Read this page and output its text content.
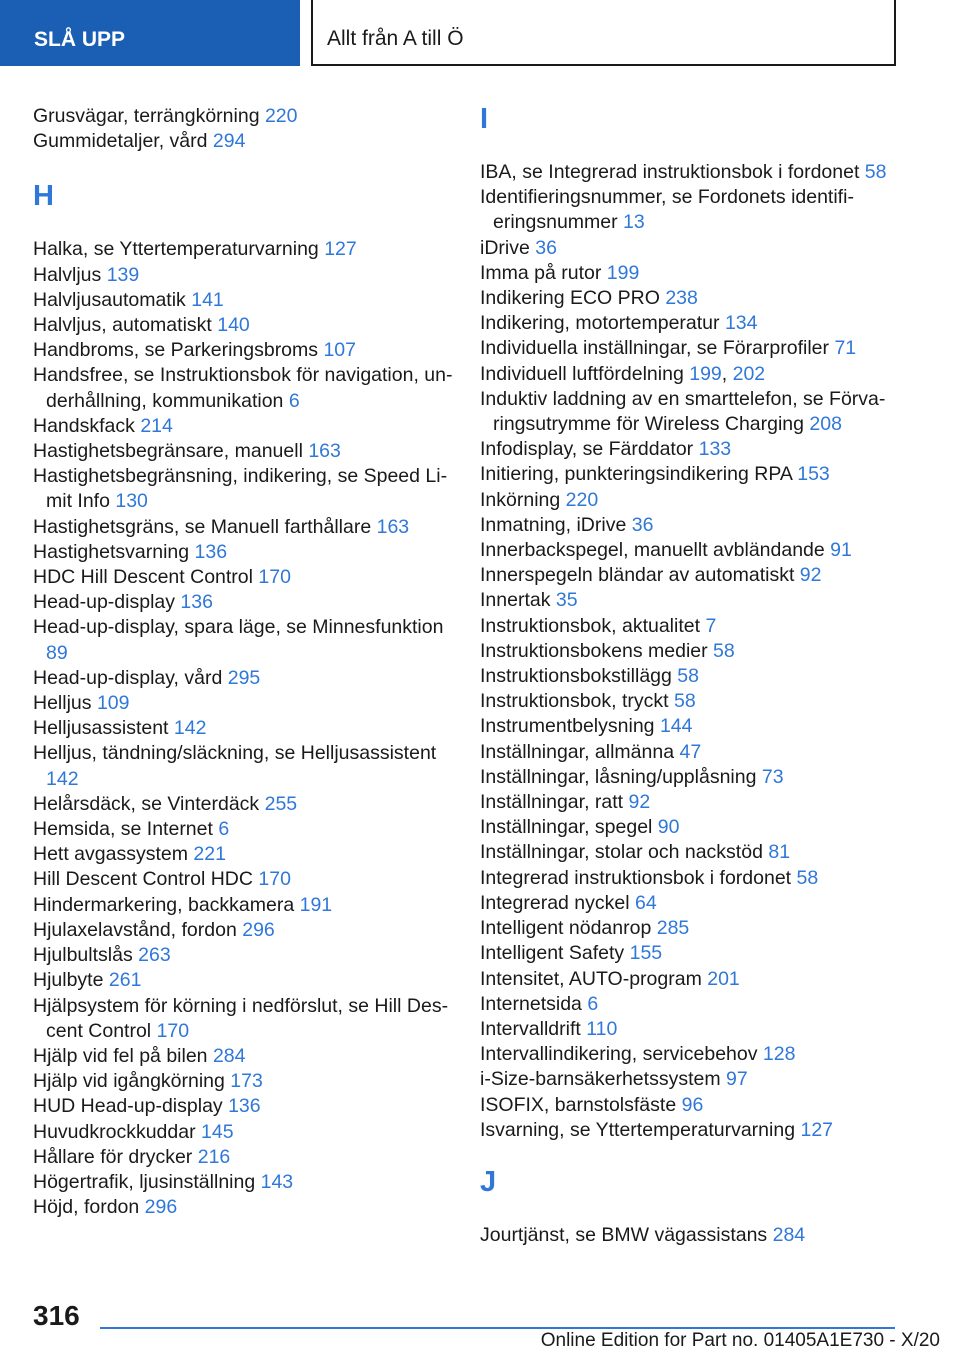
SLÅ UPP	Allt från A till Ö
Grusvägar, terrängkörning 220
Gummidetaljer, vård 294
H
Halka, se Yttertemperaturvarning 127
Halvljus 139
Halvljusautomatik 141
Halvljus, automatiskt 140
Handbroms, se Parkeringsbroms 107
Handsfree, se Instruktionsbok för navigation, underhållning, kommunikation 6
Handskfack 214
Hastighetsbegränsare, manuell 163
Hastighetsbegränsning, indikering, se Speed Limit Info 130
Hastighetsgräns, se Manuell farthållare 163
Hastighetsvarning 136
HDC Hill Descent Control 170
Head-up-display 136
Head-up-display, spara läge, se Minnesfunktion 89
Head-up-display, vård 295
Helljus 109
Helljusassistent 142
Helljus, tändning/släckning, se Helljusassistent 142
Helårsdäck, se Vinterdäck 255
Hemsida, se Internet 6
Hett avgassystem 221
Hill Descent Control HDC 170
Hindermarkering, backkamera 191
Hjulaxelavstånd, fordon 296
Hjulbultslås 263
Hjulbyte 261
Hjälpsystem för körning i nedförslut, se Hill Descent Control 170
Hjälp vid fel på bilen 284
Hjälp vid igångkörning 173
HUD Head-up-display 136
Huvudkrockkuddar 145
Hållare för drycker 216
Högertrafik, ljusinställning 143
Höjd, fordon 296
I
IBA, se Integrerad instruktionsbok i fordonet 58
Identifieringsnummer, se Fordonets identifieringsnummer 13
iDrive 36
Imma på rutor 199
Indikering ECO PRO 238
Indikering, motortemperatur 134
Individuella inställningar, se Förarprofiler 71
Individuell luftfördelning 199, 202
Induktiv laddning av en smarttelefon, se Förvaringsutrymme för Wireless Charging 208
Infodisplay, se Färddator 133
Initiering, punkteringsindikering RPA 153
Inkörning 220
Inmatning, iDrive 36
Innerbackspegel, manuellt avbländande 91
Innerspegeln bländar av automatiskt 92
Innertak 35
Instruktionsbok, aktualitet 7
Instruktionsbokens medier 58
Instruktionsbokstillägg 58
Instruktionsbok, tryckt 58
Instrumentbelysning 144
Inställningar, allmänna 47
Inställningar, låsning/upplåsning 73
Inställningar, ratt 92
Inställningar, spegel 90
Inställningar, stolar och nackstöd 81
Integrerad instruktionsbok i fordonet 58
Integrerad nyckel 64
Intelligent nödanrop 285
Intelligent Safety 155
Intensitet, AUTO-program 201
Internetsida 6
Intervalldrift 110
Intervallindikering, servicebehov 128
i-Size-barnsäkerhetssystem 97
ISOFIX, barnstolsfäste 96
Isvarning, se Yttertemperaturvarning 127
J
Jourtjänst, se BMW vägassistans 284
316
Online Edition for Part no. 01405A1E730 - X/20
